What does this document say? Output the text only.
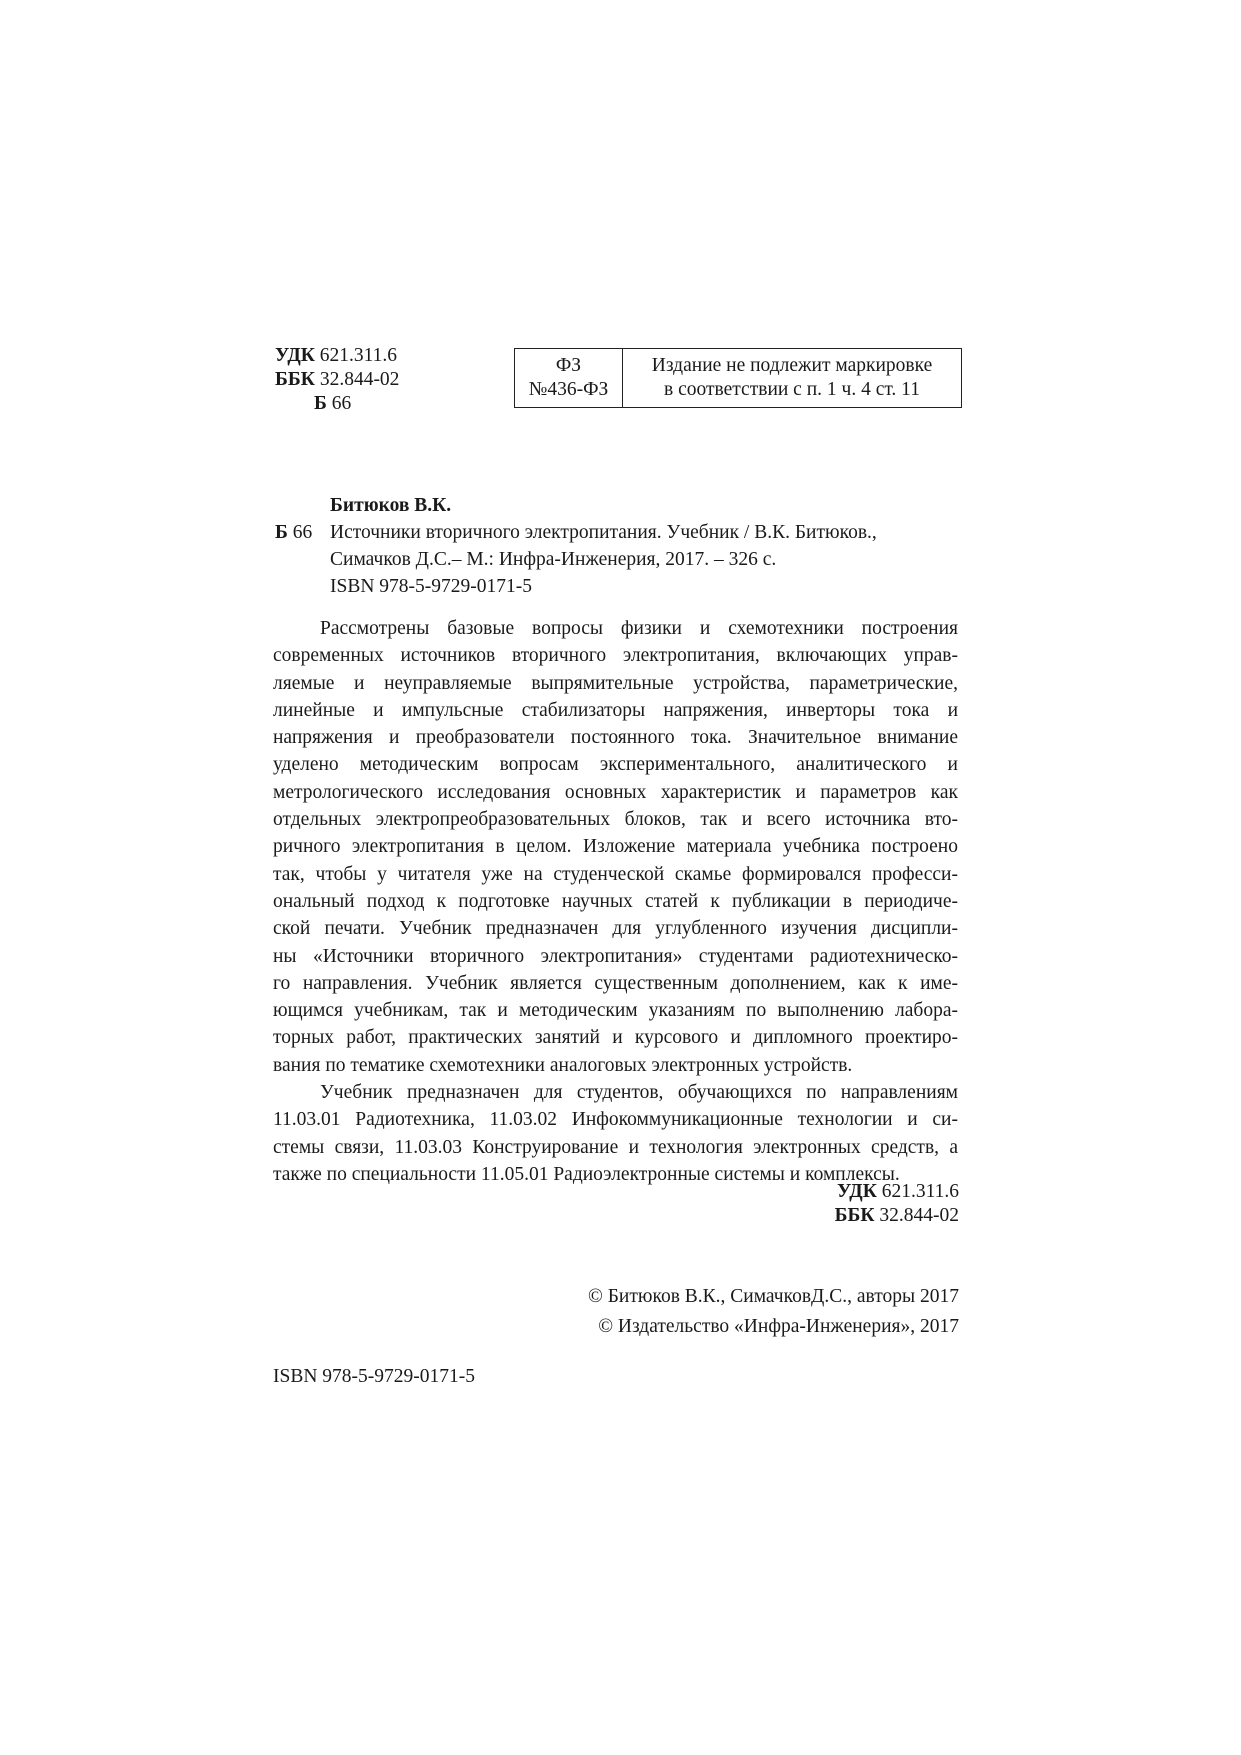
УДК 621.311.6
ББК 32.844-02
Б 66
ФЗ
№436-ФЗ
Издание не подлежит маркировке
в соответствии с п. 1 ч. 4 ст. 11
Битюков В.К.
Б 66 Источники вторичного электропитания. Учебник / В.К. Битюков.,
Симачков Д.С.– М.: Инфра-Инженерия, 2017. – 326 с.
ISBN 978-5-9729-0171-5
Рассмотрены базовые вопросы физики и схемотехники построения
современных источников вторичного электропитания, включающих управ-
ляемые и неуправляемые выпрямительные устройства, параметрические,
линейные и импульсные стабилизаторы напряжения, инверторы тока и
напряжения и преобразователи постоянного тока. Значительное внимание
уделено методическим вопросам экспериментального, аналитического и
метрологического исследования основных характеристик и параметров как
отдельных электропреобразовательных блоков, так и всего источника вто-
ричного электропитания в целом. Изложение материала учебника построено
так, чтобы у читателя уже на студенческой скамье формировался професси-
ональный подход к подготовке научных статей к публикации в периодиче-
ской печати. Учебник предназначен для углубленного изучения дисципли-
ны «Источники вторичного электропитания» студентами радиотехническо-
го направления. Учебник является существенным дополнением, как к име-
ющимся учебникам, так и методическим указаниям по выполнению лабора-
торных работ, практических занятий и курсового и дипломного проектиро-
вания по тематике схемотехники аналоговых электронных устройств.
Учебник предназначен для студентов, обучающихся по направлениям
11.03.01 Радиотехника, 11.03.02 Инфокоммуникационные технологии и си-
стемы связи, 11.03.03 Конструирование и технология электронных средств, а
также по специальности 11.05.01 Радиоэлектронные системы и комплексы.
УДК 621.311.6
ББК 32.844-02
© Битюков В.К., СимачковД.С., авторы 2017
© Издательство «Инфра-Инженерия», 2017
ISBN 978-5-9729-0171-5
